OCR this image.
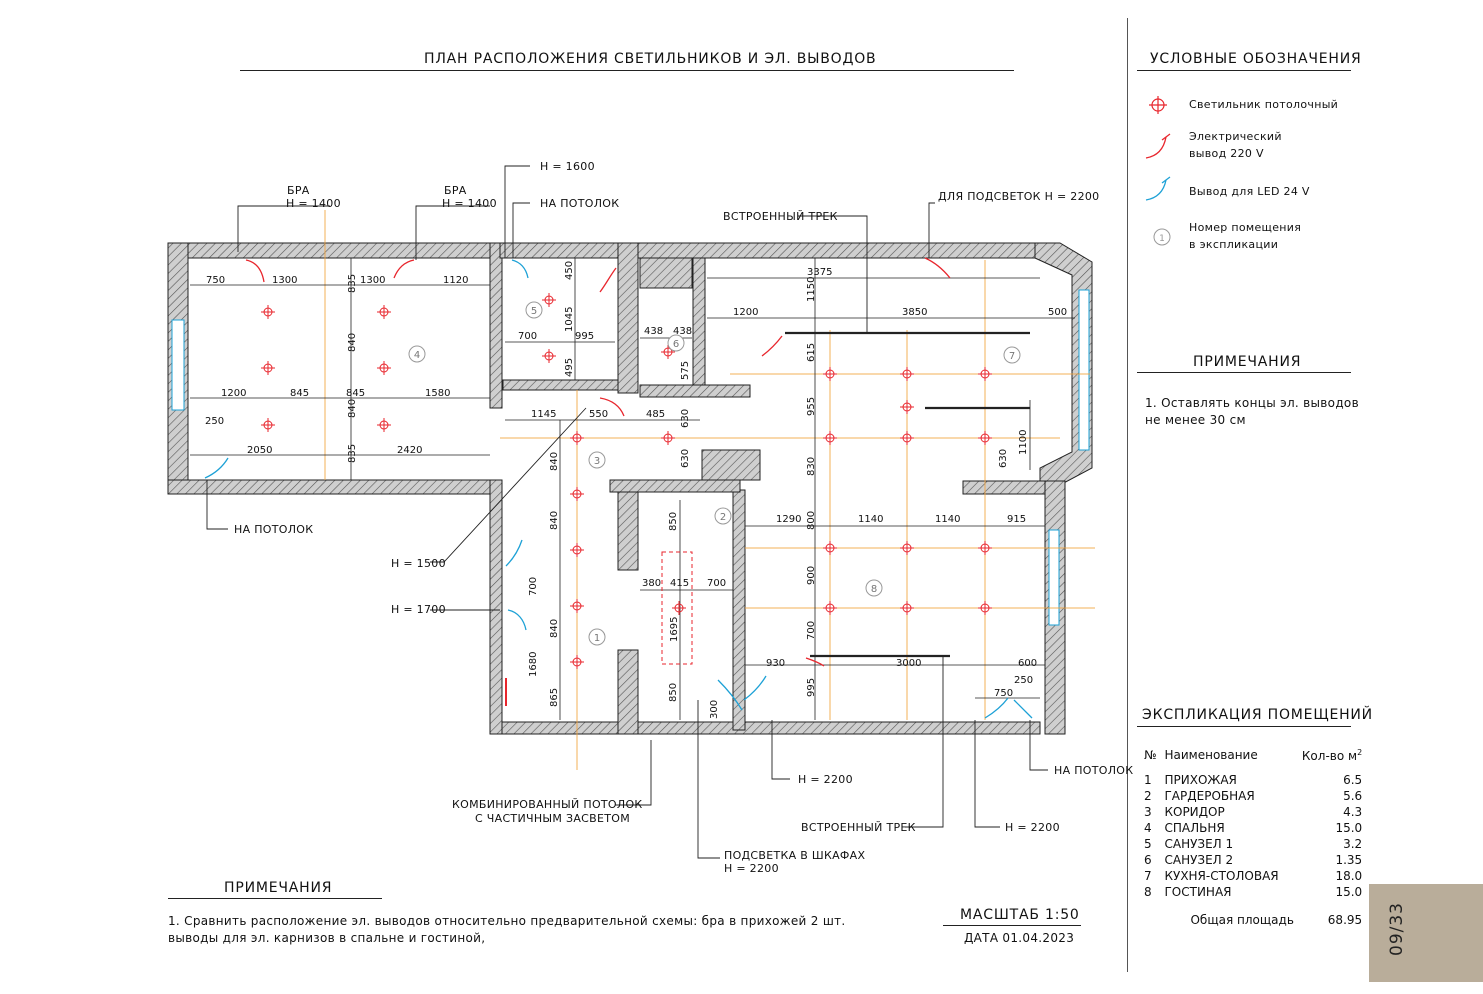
ПЛАН РАСПОЛОЖЕНИЯ СВЕТИЛЬНИКОВ И ЭЛ. ВЫВОДОВ	УСЛОВНЫЕ ОБОЗНАЧЕНИЯ
1
Светильник потолочный
Электрический
вывод 220 V
Вывод для LED 24 V
Номер помещения
в экспликации
ПРИМЕЧАНИЯ
1. Оставлять концы эл. выводов
не менее 30 см
ЭКСПЛИКАЦИЯ ПОМЕЩЕНИЙ
№	Наименование	Кол-во $м^2$

1	ПРИХОЖАЯ	6.5
2	ГАРДЕРОБНАЯ	5.6
3	КОРИДОР	4.3
4	СПАЛЬНЯ	15.0
5	САНУЗЕЛ 1	3.2
6	САНУЗЕЛ 2	1.35
7	КУХНЯ-СТОЛОВАЯ	18.0
8	ГОСТИНАЯ	15.0

	Общая площадь	68.95 09/33
ПРИМЕЧАНИЯ
1. Сравнить расположение эл. выводов относительно предварительной схемы: бра в прихожей 2 шт.
выводы для эл. карнизов в спальне и гостиной,
МАСШТАБ 1:50
ДАТА 01.04.2023
1
2
3
4
5
6
7
8
750	1300	1300	1120
1200	845	845	1580
250
2050	2420
700	995	438 438
1145	550	485
3375
1200	3850	500
1290	1140	1140	915
930	3000	600
250
750
380 415 700
835
840
840
835
450
1045
495	575
630
630
1150
615
955
830	630
1100
800
900
700
995
840
840
700
840
1680
865
850
1695
850
300
БРА
H = 1400
БРА
H = 1400
H = 1600
НА ПОТОЛОК
ВСТРОЕННЫЙ ТРЕК
ДЛЯ ПОДСВЕТОК H = 2200
НА ПОТОЛОК
H = 1500
H = 1700
КОМБИНИРОВАННЫЙ ПОТОЛОК
С ЧАСТИЧНЫМ ЗАСВЕТОМ
ПОДСВЕТКА В ШКАФАХ
H = 2200
H = 2200
ВСТРОЕННЫЙ ТРЕК	H = 2200
НА ПОТОЛОК
